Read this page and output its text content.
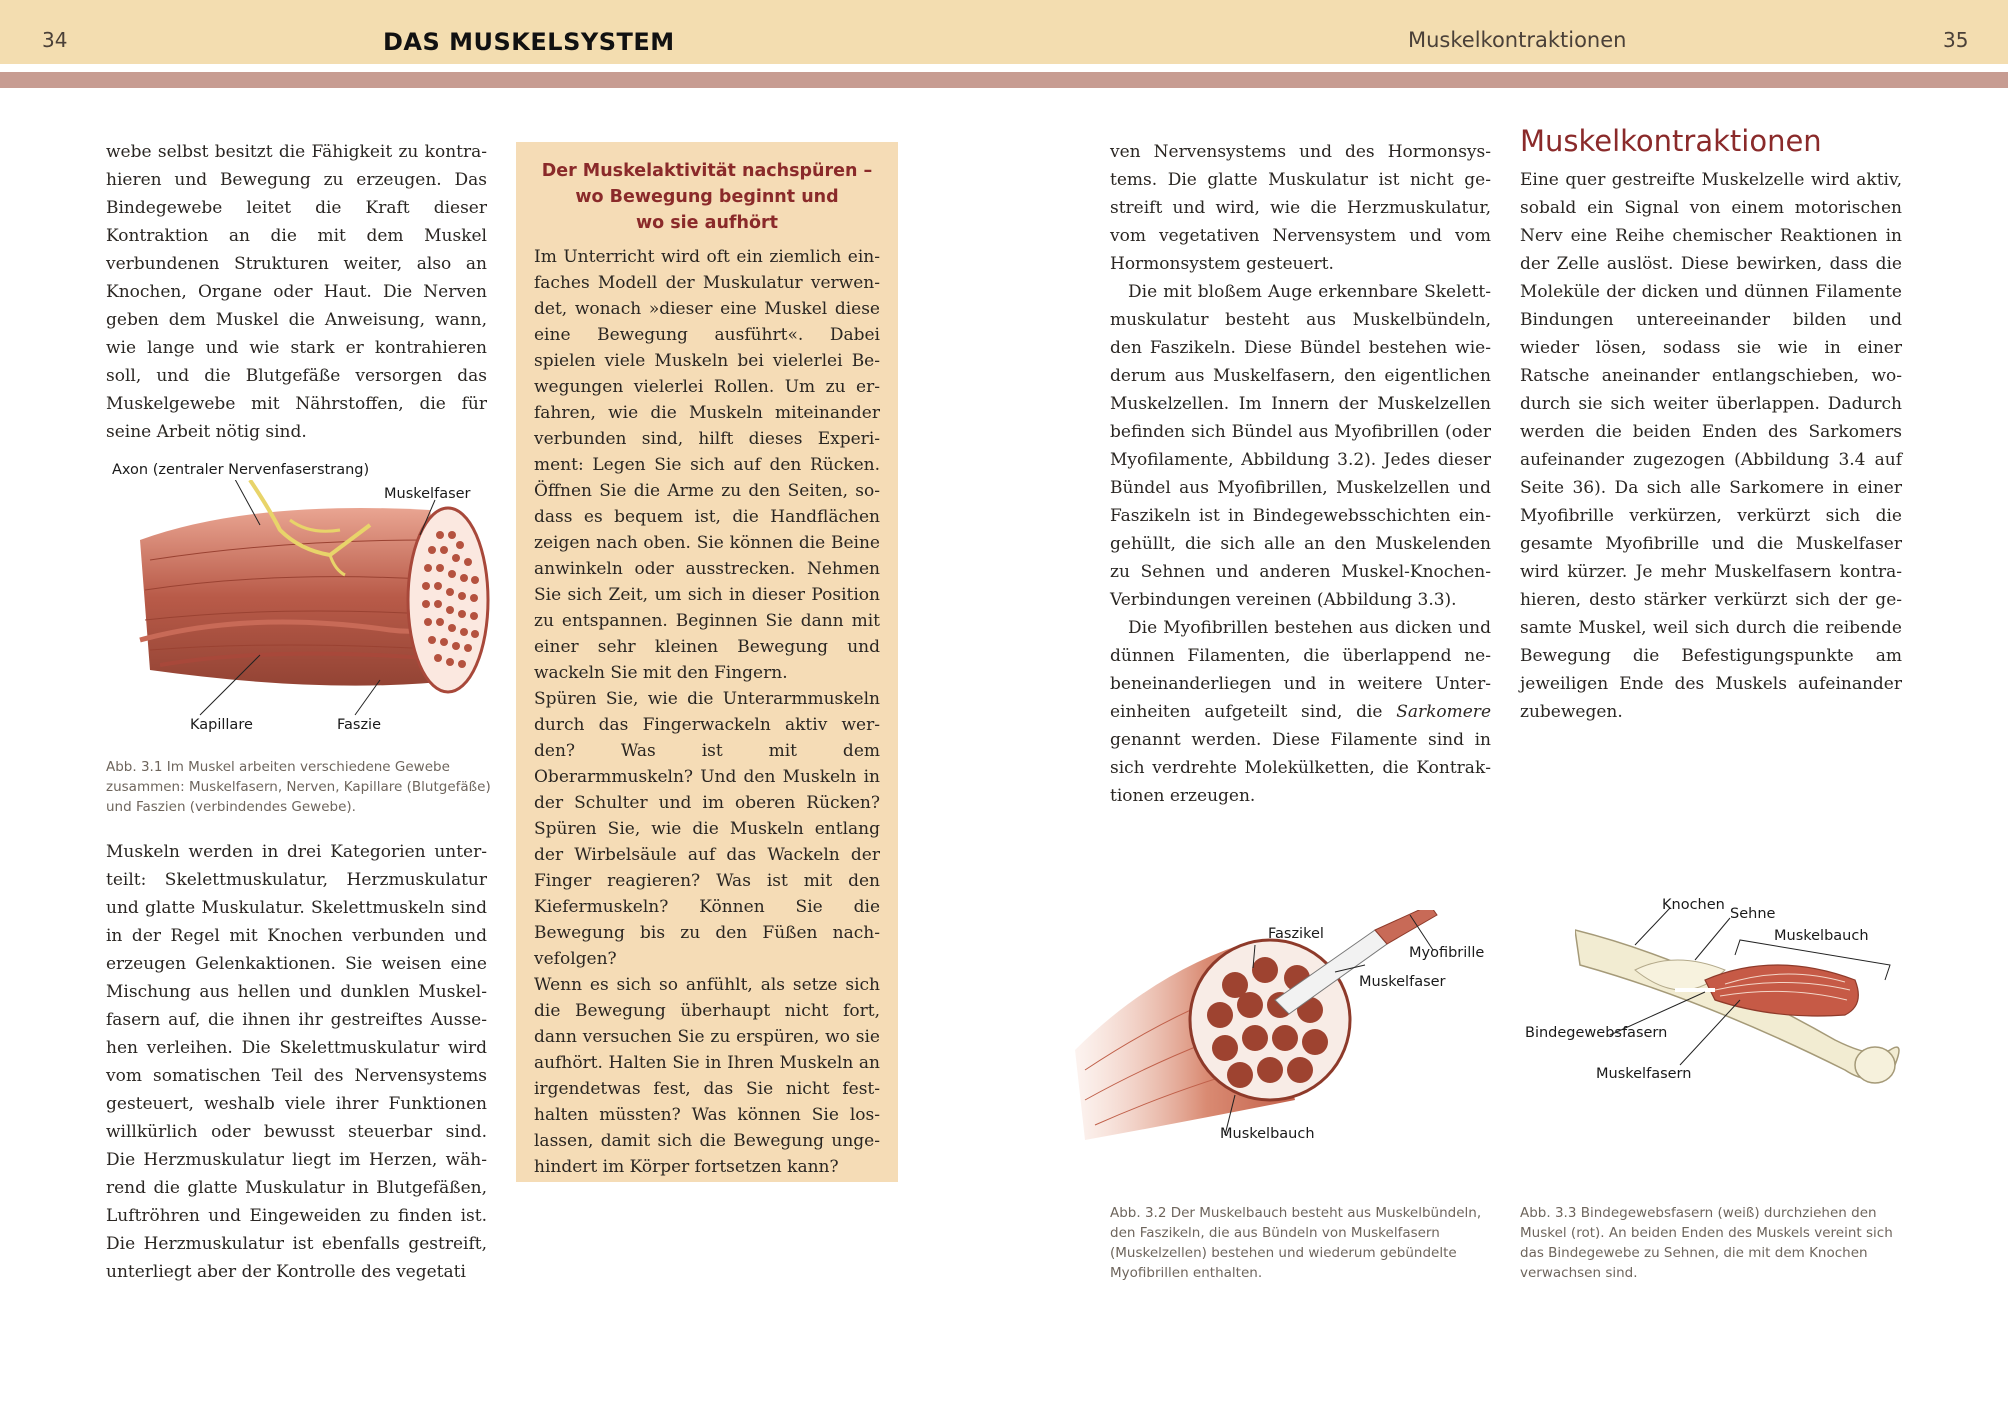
34	DAS MUSKELSYSTEM	Muskelkontraktionen	35

webe selbst besitzt die Fähigkeit zu kontrahieren und Bewegung zu erzeugen. Das Bindegewebe leitet die Kraft dieser Kontraktion an die mit dem Muskel verbundenen Strukturen weiter, also an Knochen, Organe oder Haut. Die Nerven geben dem Muskel die Anweisung, wann, wie lange und wie stark er kontrahieren soll, und die Blutgefäße versorgen das Muskelgewebe mit Nährstoffen, die für seine Arbeit nötig sind.

Axon (zentraler Nervenfaserstrang)
Muskelfaser
Kapillare	Faszie
Abb. 3.1 Im Muskel arbeiten verschiedene Gewebe zusammen: Muskelfasern, Nerven, Kapillare (Blutgefäße) und Faszien (verbindendes Gewebe).

Muskeln werden in drei Kategorien unterteilt: Skelettmuskulatur, Herzmuskulatur und glatte Muskulatur. Skelettmuskeln sind in der Regel mit Knochen verbunden und erzeugen Gelenkaktionen. Sie weisen eine Mischung aus hellen und dunklen Muskelfasern auf, die ihnen ihr gestreiftes Aussehen verleihen. Die Skelettmuskulatur wird vom somatischen Teil des Nervensystems gesteuert, weshalb viele ihrer Funktionen willkürlich oder bewusst steuerbar sind. Die Herzmuskulatur liegt im Herzen, während die glatte Muskulatur in Blutgefäßen, Luftröhren und Eingeweiden zu finden ist. Die Herzmuskulatur ist ebenfalls gestreift, unterliegt aber der Kontrolle des vegetati

Der Muskelaktivität nachspüren –
wo Bewegung beginnt und
wo sie aufhört

Im Unterricht wird oft ein ziemlich einfaches Modell der Muskulatur verwendet, wonach »dieser eine Muskel diese eine Bewegung ausführt«. Dabei spielen viele Muskeln bei vielerlei Bewegungen vielerlei Rollen. Um zu erfahren, wie die Muskeln miteinander verbunden sind, hilft dieses Experiment: Legen Sie sich auf den Rücken. Öffnen Sie die Arme zu den Seiten, sodass es bequem ist, die Handflächen zeigen nach oben. Sie können die Beine anwinkeln oder ausstrecken. Nehmen Sie sich Zeit, um sich in dieser Position zu entspannen. Beginnen Sie dann mit einer sehr kleinen Bewegung und wackeln Sie mit den Fingern.

Spüren Sie, wie die Unterarmmuskeln durch das Fingerwackeln aktiv werden? Was ist mit dem Oberarmmuskeln? Und den Muskeln in der Schulter und im oberen Rücken? Spüren Sie, wie die Muskeln entlang der Wirbelsäule auf das Wackeln der Finger reagieren? Was ist mit den Kiefermuskeln? Können Sie die Bewegung bis zu den Füßen nachvefolgen?

Wenn es sich so anfühlt, als setze sich die Bewegung überhaupt nicht fort, dann versuchen Sie zu erspüren, wo sie aufhört. Halten Sie in Ihren Muskeln an irgendetwas fest, das Sie nicht festhalten müssten? Was können Sie loslassen, damit sich die Bewegung ungehindert im Körper fortsetzen kann?

ven Nervensystems und des Hormonsystems. Die glatte Muskulatur ist nicht gestreift und wird, wie die Herzmuskulatur, vom vegetativen Nervensystem und vom Hormonsystem gesteuert.

Die mit bloßem Auge erkennbare Skelettmuskulatur besteht aus Muskelbündeln, den Faszikeln. Diese Bündel bestehen wiederum aus Muskelfasern, den eigentlichen Muskelzellen. Im Innern der Muskelzellen befinden sich Bündel aus Myofibrillen (oder Myofilamente, Abbildung 3.2). Jedes dieser Bündel aus Myofibrillen, Muskelzellen und Faszikeln ist in Bindegewebsschichten eingehüllt, die sich alle an den Muskelenden zu Sehnen und anderen Muskel-Knochen-Verbindungen vereinen (Abbildung 3.3).

Die Myofibrillen bestehen aus dicken und dünnen Filamenten, die überlappend nebeneinanderliegen und in weitere Untereinheiten aufgeteilt sind, die Sarkomere genannt werden. Diese Filamente sind in sich verdrehte Molekülketten, die Kontraktionen erzeugen.

Muskelkontraktionen

Eine quer gestreifte Muskelzelle wird aktiv, sobald ein Signal von einem motorischen Nerv eine Reihe chemischer Reaktionen in der Zelle auslöst. Diese bewirken, dass die Moleküle der dicken und dünnen Filamente Bindungen untereeinander bilden und wieder lösen, sodass sie wie in einer Ratsche aneinander entlangschieben, wodurch sie sich weiter überlappen. Dadurch werden die beiden Enden des Sarkomers aufeinander zugezogen (Abbildung 3.4 auf Seite 36). Da sich alle Sarkomere in einer Myofibrille verkürzen, verkürzt sich die gesamte Myofibrille und die Muskelfaser wird kürzer. Je mehr Muskelfasern kontrahieren, desto stärker verkürzt sich der gesamte Muskel, weil sich durch die reibende Bewegung die Befestigungspunkte am jeweiligen Ende des Muskels aufeinander zubewegen.

Faszikel
Myofibrille
Muskelfaser
Muskelbauch
Abb. 3.2 Der Muskelbauch besteht aus Muskelbündeln, den Faszikeln, die aus Bündeln von Muskelfasern (Muskelzellen) bestehen und wiederum gebündelte Myofibrillen enthalten.
Knochen
Sehne
Muskelbauch
Bindegewebsfasern
Muskelfasern
Abb. 3.3 Bindegewebsfasern (weiß) durchziehen den Muskel (rot). An beiden Enden des Muskels vereint sich das Bindegewebe zu Sehnen, die mit dem Knochen verwachsen sind.
